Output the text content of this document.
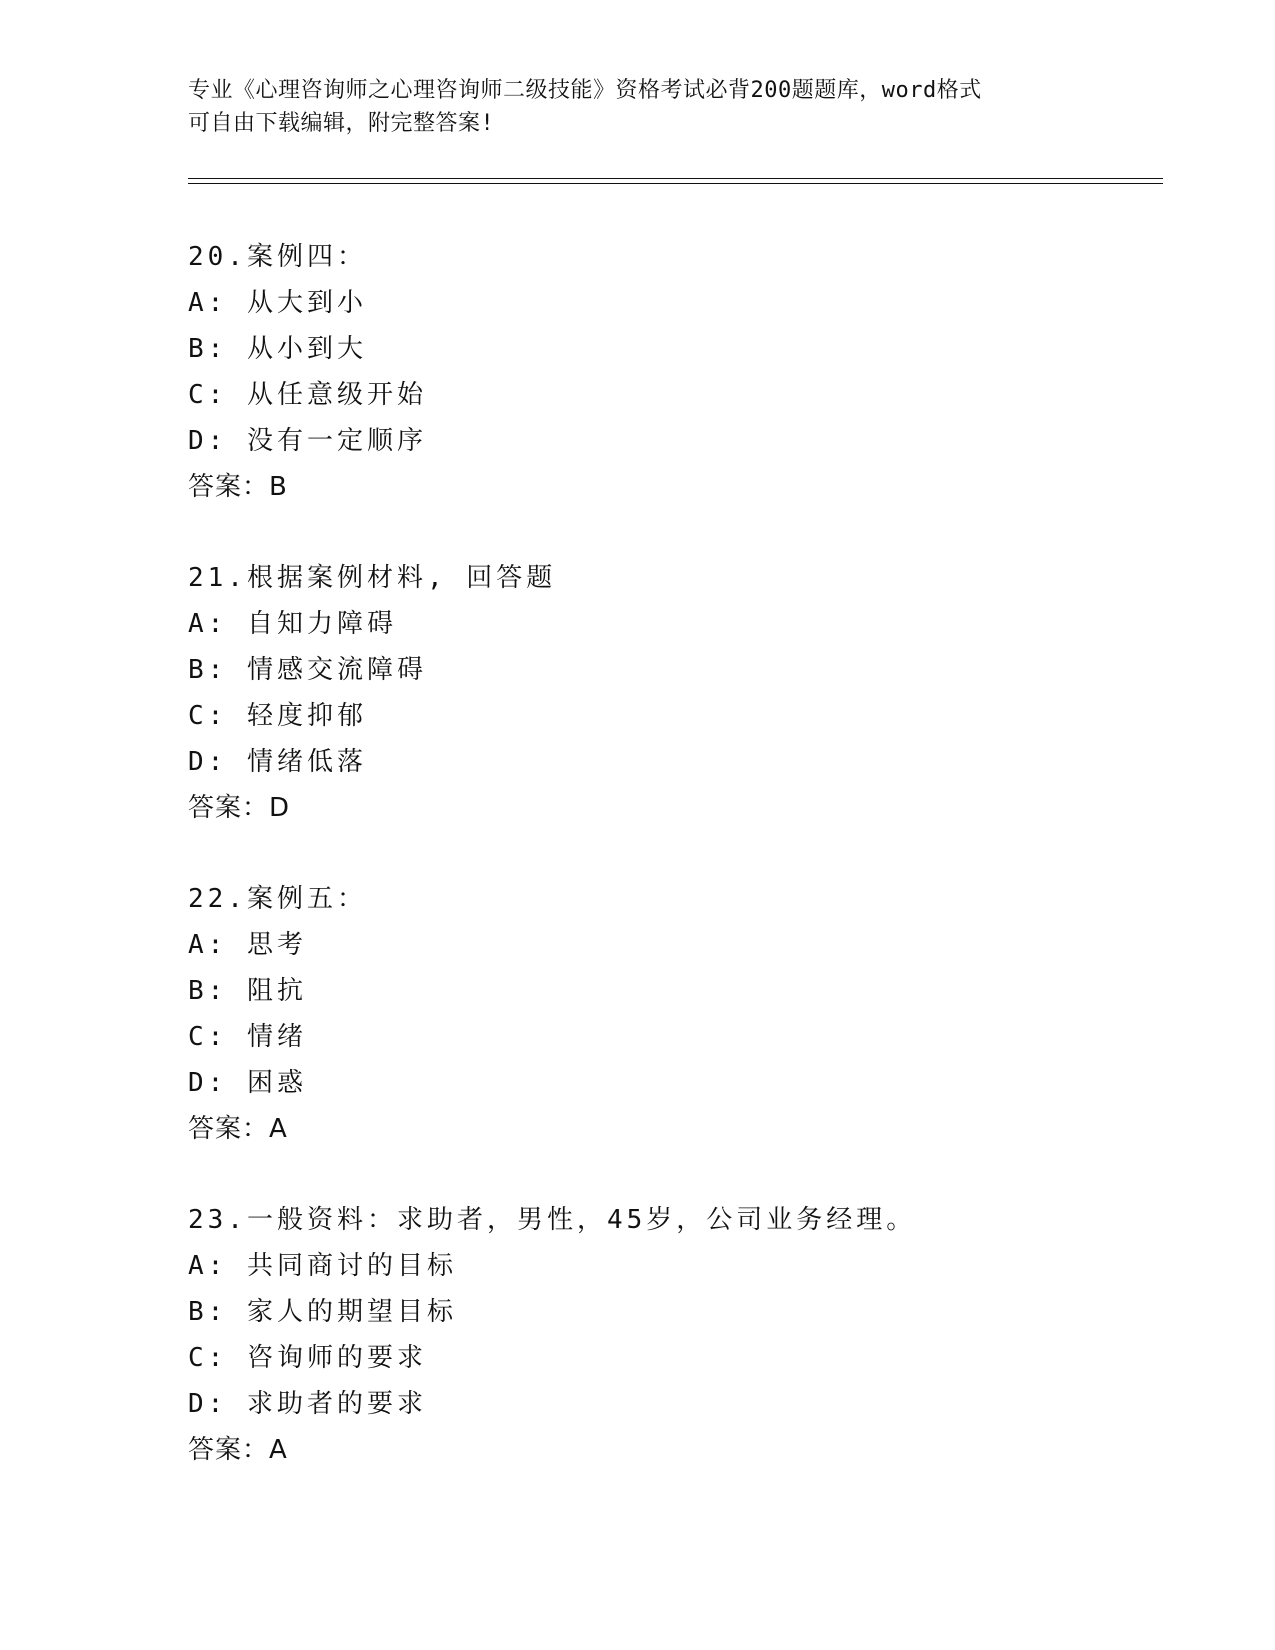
专业《心理咨询师之心理咨询师二级技能》资格考试必背200题题库，word格式
可自由下载编辑，附完整答案!
20.案例四：
A: 从大到小
B: 从小到大
C: 从任意级开始
D: 没有一定顺序
答案：B
21.根据案例材料, 回答题
A: 自知力障碍
B: 情感交流障碍
C: 轻度抑郁
D: 情绪低落
答案：D
22.案例五：
A: 思考
B: 阻抗
C: 情绪
D: 困惑
答案：A
23.一般资料：求助者，男性，45岁，公司业务经理。
A: 共同商讨的目标
B: 家人的期望目标
C: 咨询师的要求
D: 求助者的要求
答案：A
